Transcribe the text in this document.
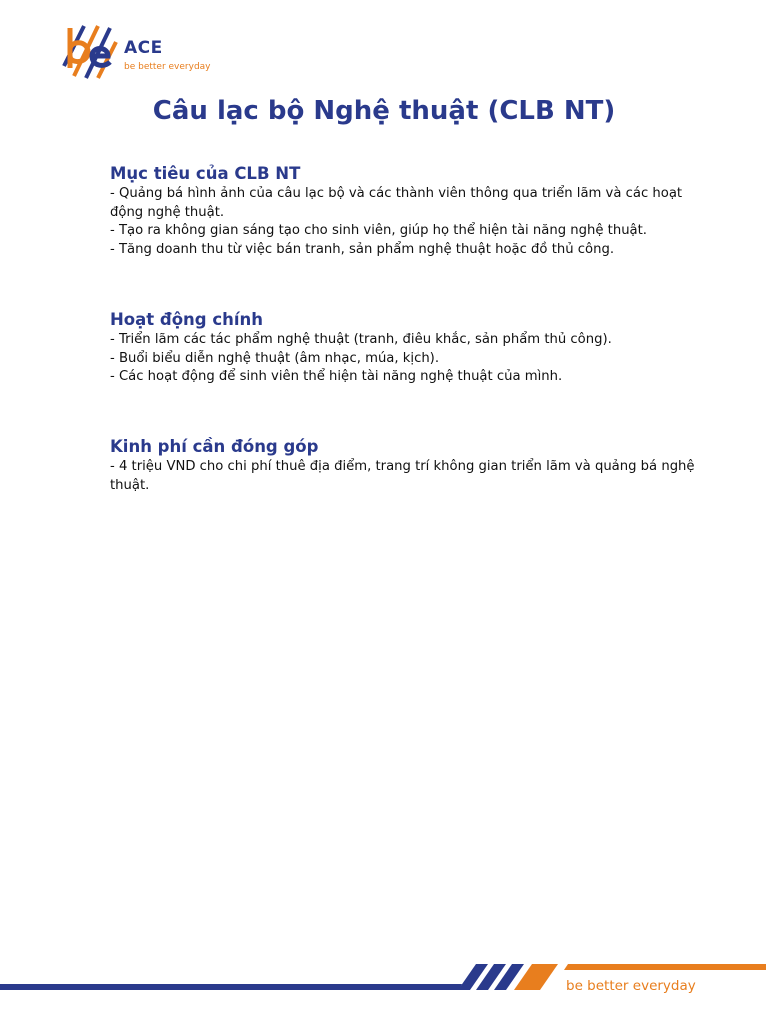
ACE
be better everyday
Câu lạc bộ Nghệ thuật (CLB NT)
Mục tiêu của CLB NT

- Quảng bá hình ảnh của câu lạc bộ và các thành viên thông qua triển lãm và các hoạt động nghệ thuật.

- Tạo ra không gian sáng tạo cho sinh viên, giúp họ thể hiện tài năng nghệ thuật.

- Tăng doanh thu từ việc bán tranh, sản phẩm nghệ thuật hoặc đồ thủ công.

Hoạt động chính

- Triển lãm các tác phẩm nghệ thuật (tranh, điêu khắc, sản phẩm thủ công).

- Buổi biểu diễn nghệ thuật (âm nhạc, múa, kịch).

- Các hoạt động để sinh viên thể hiện tài năng nghệ thuật của mình.

Kinh phí cần đóng góp

- 4 triệu VND cho chi phí thuê địa điểm, trang trí không gian triển lãm và quảng bá nghệ thuật.

be better everyday
